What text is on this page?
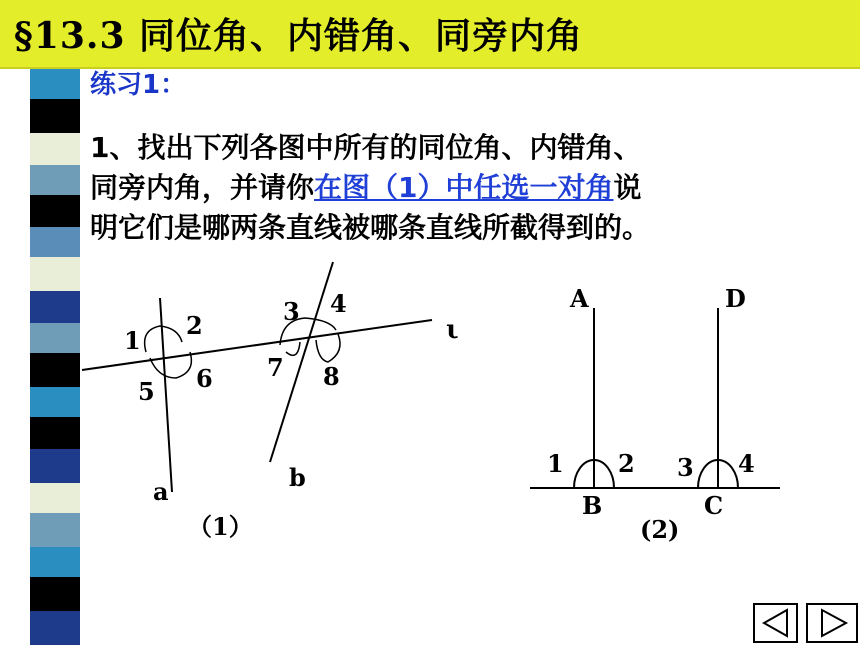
§13.3 同位角、内错角、同旁内角
练习1：
1、找出下列各图中所有的同位角、内错角、
同旁内角，并请你在图（1）中任选一对角说
明它们是哪两条直线被哪条直线所截得到的。
1
2
5 6
3 4
7 8
ι
a	b
（1）
A	D
B	C
1 2 3 4
(2)
